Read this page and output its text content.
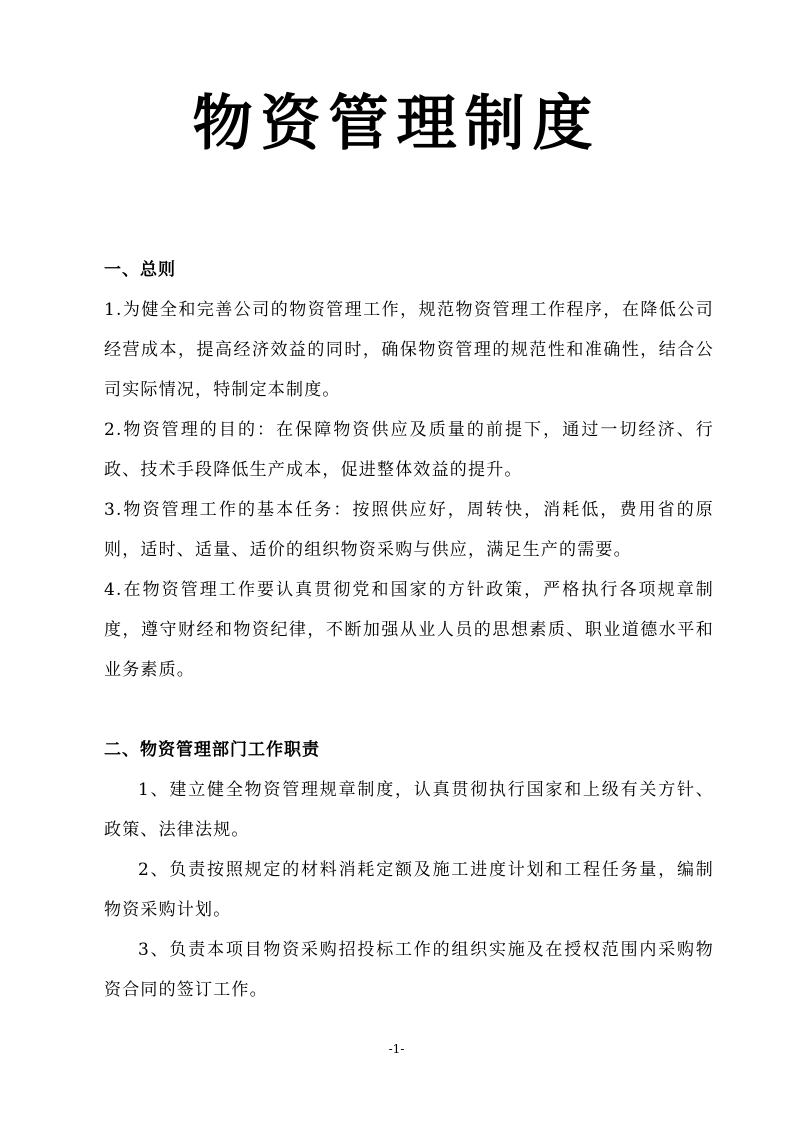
物资管理制度

一、总则

1.为健全和完善公司的物资管理工作，规范物资管理工作程序，在降低公司经营成本，提高经济效益的同时，确保物资管理的规范性和准确性，结合公司实际情况，特制定本制度。

2.物资管理的目的：在保障物资供应及质量的前提下，通过一切经济、行政、技术手段降低生产成本，促进整体效益的提升。

3.物资管理工作的基本任务：按照供应好，周转快，消耗低，费用省的原则，适时、适量、适价的组织物资采购与供应，满足生产的需要。

4.在物资管理工作要认真贯彻党和国家的方针政策，严格执行各项规章制度，遵守财经和物资纪律，不断加强从业人员的思想素质、职业道德水平和业务素质。

二、物资管理部门工作职责

1、建立健全物资管理规章制度，认真贯彻执行国家和上级有关方针、政策、法律法规。

2、负责按照规定的材料消耗定额及施工进度计划和工程任务量，编制物资采购计划。

3、负责本项目物资采购招投标工作的组织实施及在授权范围内采购物资合同的签订工作。

-1-
